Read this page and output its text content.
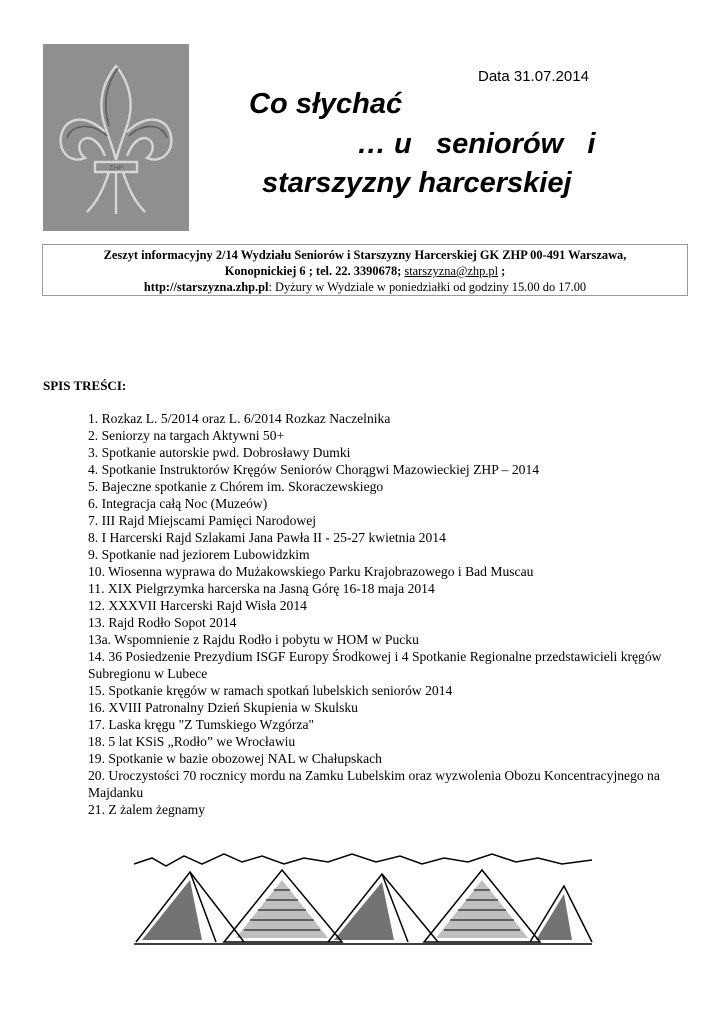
ZHP
Data 31.07.2014
Co słychać
… u   seniorów   i
starszyzny harcerskiej
Zeszyt informacyjny 2/14 Wydziału Seniorów i Starszyzny Harcerskiej GK ZHP 00-491 Warszawa,
Konopnickiej 6 ; tel. 22. 3390678; starszyzna@zhp.pl ;
http://starszyzna.zhp.pl: Dyżury w Wydziale w poniedziałki od godziny 15.00 do 17.00
SPIS TREŚCI:
1. Rozkaz L. 5/2014 oraz L. 6/2014 Rozkaz Naczelnika
2. Seniorzy na targach Aktywni 50+
3. Spotkanie autorskie pwd. Dobrosławy Dumki
4. Spotkanie Instruktorów Kręgów Seniorów Chorągwi Mazowieckiej ZHP – 2014
5. Bajeczne spotkanie z Chórem im. Skoraczewskiego
6. Integracja całą Noc (Muzeów)
7. III Rajd Miejscami Pamięci Narodowej
8. I Harcerski Rajd Szlakami Jana Pawła II - 25-27 kwietnia 2014
9. Spotkanie nad jeziorem Lubowidzkim
10. Wiosenna wyprawa do Mużakowskiego Parku Krajobrazowego i Bad Muscau
11. XIX Pielgrzymka harcerska na Jasną Górę 16-18 maja 2014
12. XXXVII Harcerski Rajd Wisła 2014
13. Rajd Rodło Sopot 2014
13a. Wspomnienie z Rajdu Rodło i pobytu w HOM w Pucku
14. 36 Posiedzenie Prezydium ISGF Europy Środkowej i 4 Spotkanie Regionalne przedstawicieli kręgów Subregionu w Lubece
15. Spotkanie kręgów w ramach spotkań lubelskich seniorów 2014
16. XVIII Patronalny Dzień Skupienia w Skulsku
17. Laska kręgu "Z Tumskiego Wzgórza"
18. 5 lat KSiS „Rodło” we Wrocławiu
19. Spotkanie w bazie obozowej NAL w Chałupskach
20. Uroczystości 70 rocznicy mordu na Zamku Lubelskim oraz wyzwolenia Obozu Koncentracyjnego na Majdanku
21. Z żalem żegnamy
